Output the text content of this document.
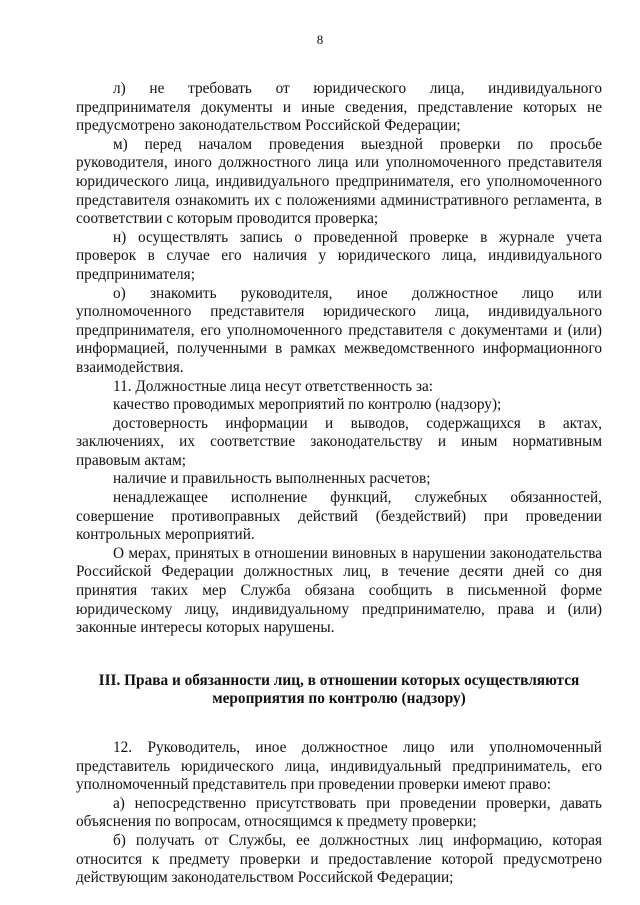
8

л)   не   требовать   от   юридического   лица,   индивидуального предпринимателя документы и иные сведения, представление которых не предусмотрено законодательством Российской Федерации;

м) перед началом проведения выездной проверки по просьбе руководителя, иного должностного лица или уполномоченного представителя юридического лица, индивидуального предпринимателя, его уполномоченного представителя ознакомить их с положениями административного регламента, в соответствии с которым проводится проверка;

н) осуществлять запись о проведенной проверке в журнале учета проверок в случае его наличия у юридического лица, индивидуального предпринимателя;

о)   знакомить   руководителя,   иное   должностное   лицо   или уполномоченного представителя юридического лица, индивидуального предпринимателя, его уполномоченного представителя с документами и (или) информацией, полученными в рамках межведомственного информационного взаимодействия.

11. Должностные лица несут ответственность за:

качество проводимых мероприятий по контролю (надзору);

достоверность информации и выводов, содержащихся в актах, заключениях, их соответствие законодательству и иным нормативным правовым актам;

наличие и правильность выполненных расчетов;

ненадлежащее исполнение функций, служебных обязанностей, совершение противоправных действий (бездействий) при проведении контрольных мероприятий.

О мерах, принятых в отношении виновных в нарушении законодательства Российской Федерации должностных лиц, в течение десяти дней со дня принятия таких мер Служба обязана сообщить в письменной форме юридическому лицу, индивидуальному предпринимателю, права и (или) законные интересы которых нарушены.

III. Права и обязанности лиц, в отношении которых осуществляются
мероприятия по контролю (надзору)

12. Руководитель, иное должностное лицо или уполномоченный представитель юридического лица, индивидуальный предприниматель, его уполномоченный представитель при проведении проверки имеют право:

а) непосредственно присутствовать при проведении проверки, давать объяснения по вопросам, относящимся к предмету проверки;

б) получать от Службы, ее должностных лиц информацию, которая относится к предмету проверки и предоставление которой предусмотрено действующим законодательством Российской Федерации;
